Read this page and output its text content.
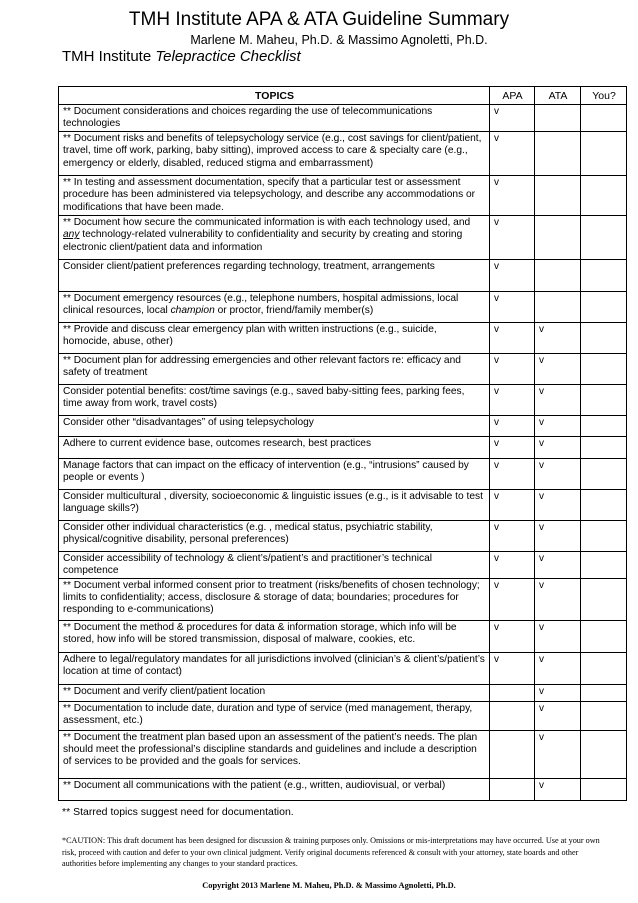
TMH Institute APA & ATA Guideline Summary
Marlene M. Maheu, Ph.D. & Massimo Agnoletti, Ph.D.
TMH Institute Telepractice Checklist
TOPICS	APA	ATA	You?
** Document considerations and choices regarding the use of telecommunications technologies	v		
** Document risks and benefits of telepsychology service (e.g., cost savings for client/patient, travel, time off work, parking, baby sitting), improved access to care & specialty care (e.g., emergency or elderly, disabled, reduced stigma and embarrassment)	v		
** In testing and assessment documentation, specify that a particular test or assessment procedure has been administered via telepsychology, and describe any accommodations or modifications that have been made.	v		
** Document how secure the communicated information is with each technology used, and any technology-related vulnerability to confidentiality and security by creating and storing electronic client/patient data and information	v		
Consider client/patient preferences regarding technology, treatment, arrangements	v		
** Document emergency resources (e.g., telephone numbers, hospital admissions, local clinical resources, local champion or proctor, friend/family member(s)	v		
** Provide and discuss clear emergency plan with written instructions (e.g., suicide, homocide, abuse, other)	v	v	
** Document plan for addressing emergencies and other relevant factors re: efficacy and safety of treatment	v	v	
Consider potential benefits: cost/time savings (e.g., saved baby-sitting fees, parking fees, time away from work, travel costs)	v	v	
Consider other “disadvantages” of using telepsychology	v	v	
Adhere to current evidence base, outcomes research, best practices	v	v	
Manage factors that can impact on the efficacy of intervention (e.g., “intrusions” caused by people or events )	v	v	
Consider multicultural , diversity, socioeconomic & linguistic issues (e.g., is it advisable to test language skills?)	v	v	
Consider other individual characteristics (e.g. , medical status, psychiatric stability, physical/cognitive disability, personal preferences)	v	v	
Consider accessibility of technology & client’s/patient’s and practitioner’s technical competence	v	v	
** Document verbal informed consent prior to treatment (risks/benefits of chosen technology; limits to confidentiality; access, disclosure & storage of data; boundaries; procedures for responding to e-communications)	v	v	
** Document the method & procedures for data & information storage, which info will be stored, how info will be stored transmission, disposal of malware, cookies, etc.	v	v	
Adhere to legal/regulatory mandates for all jurisdictions involved (clinician’s & client’s/patient’s location at time of contact)	v	v	
** Document and verify client/patient location		v	
** Documentation to include date, duration and type of service (med management, therapy, assessment, etc.)		v	
** Document the treatment plan based upon an assessment of the patient’s needs. The plan should meet the professional’s discipline standards and guidelines and include a description of services to be provided and the goals for services.		v	
** Document all communications with the patient (e.g., written, audiovisual, or verbal)		v	
** Starred topics suggest need for documentation.
*CAUTION: This draft document has been designed for discussion & training purposes only. Omissions or mis-interpretations may have occurred. Use at your own risk, proceed with caution and defer to your own clinical judgment. Verify original documents referenced & consult with your attorney, state boards and other authorities before implementing any changes to your standard practices.
Copyright 2013 Marlene M. Maheu, Ph.D. & Massimo Agnoletti, Ph.D.
